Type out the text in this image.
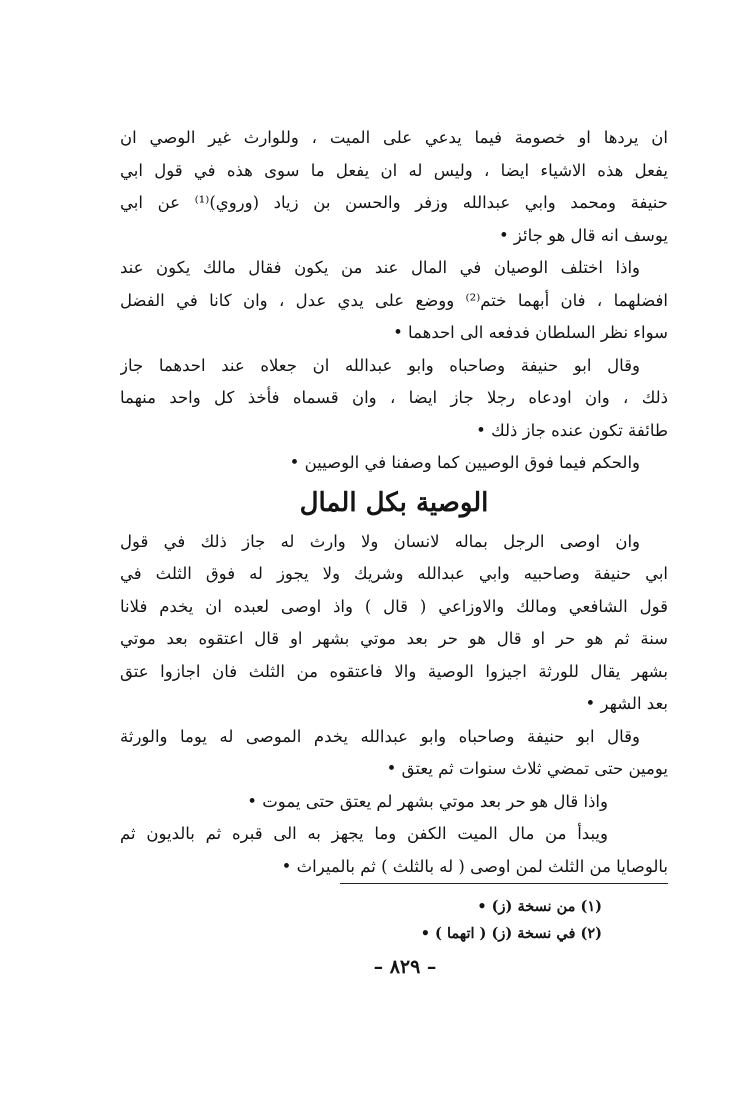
ان يردها او خصومة فيما يدعي على الميت ، وللوارث غير الوصي ان
يفعل هذه الاشياء ايضا ، وليس له ان يفعل ما سوى هذه في قول ابي
حنيفة ومحمد وابي عبدالله وزفر والحسن بن زياد (وروي)⁽¹⁾ عن ابي
يوسف انه قال هو جائز •
واذا اختلف الوصيان في المال عند من يكون فقال مالك يكون عند
افضلهما ، فان أبهما ختم⁽²⁾ ووضع على يدي عدل ، وان كانا في الفضل
سواء نظر السلطان فدفعه الى احدهما •
وقال ابو حنيفة وصاحباه وابو عبدالله ان جعلاه عند احدهما جاز
ذلك ، وان اودعاه رجلا جاز ايضا ، وان قسماه فأخذ كل واحد منهما
طائفة تكون عنده جاز ذلك •
والحكم فيما فوق الوصيين كما وصفنا في الوصيين •
الوصية بكل المال
وان اوصى الرجل بماله لانسان ولا وارث له جاز ذلك في قول
ابي حنيفة وصاحبيه وابي عبدالله وشريك ولا يجوز له فوق الثلث في
قول الشافعي ومالك والاوزاعي ( قال ) واذ اوصى لعبده ان يخدم فلانا
سنة ثم هو حر او قال هو حر بعد موتي بشهر او قال اعتقوه بعد موتي
بشهر يقال للورثة اجيزوا الوصية والا فاعتقوه من الثلث فان اجازوا عتق
بعد الشهر •
وقال ابو حنيفة وصاحباه وابو عبدالله يخدم الموصى له يوما والورثة
يومين حتى تمضي ثلاث سنوات ثم يعتق •
واذا قال هو حر بعد موتي بشهر لم يعتق حتى يموت •
ويبدأ من مال الميت الكفن وما يجهز به الى قبره ثم بالديون ثم
بالوصايا من الثلث لمن اوصى ( له بالثلث ) ثم بالميراث •
(١) من نسخة (ز) •
(٢) في نسخة (ز) ( اتهما ) •
– ٨٢٩ –
